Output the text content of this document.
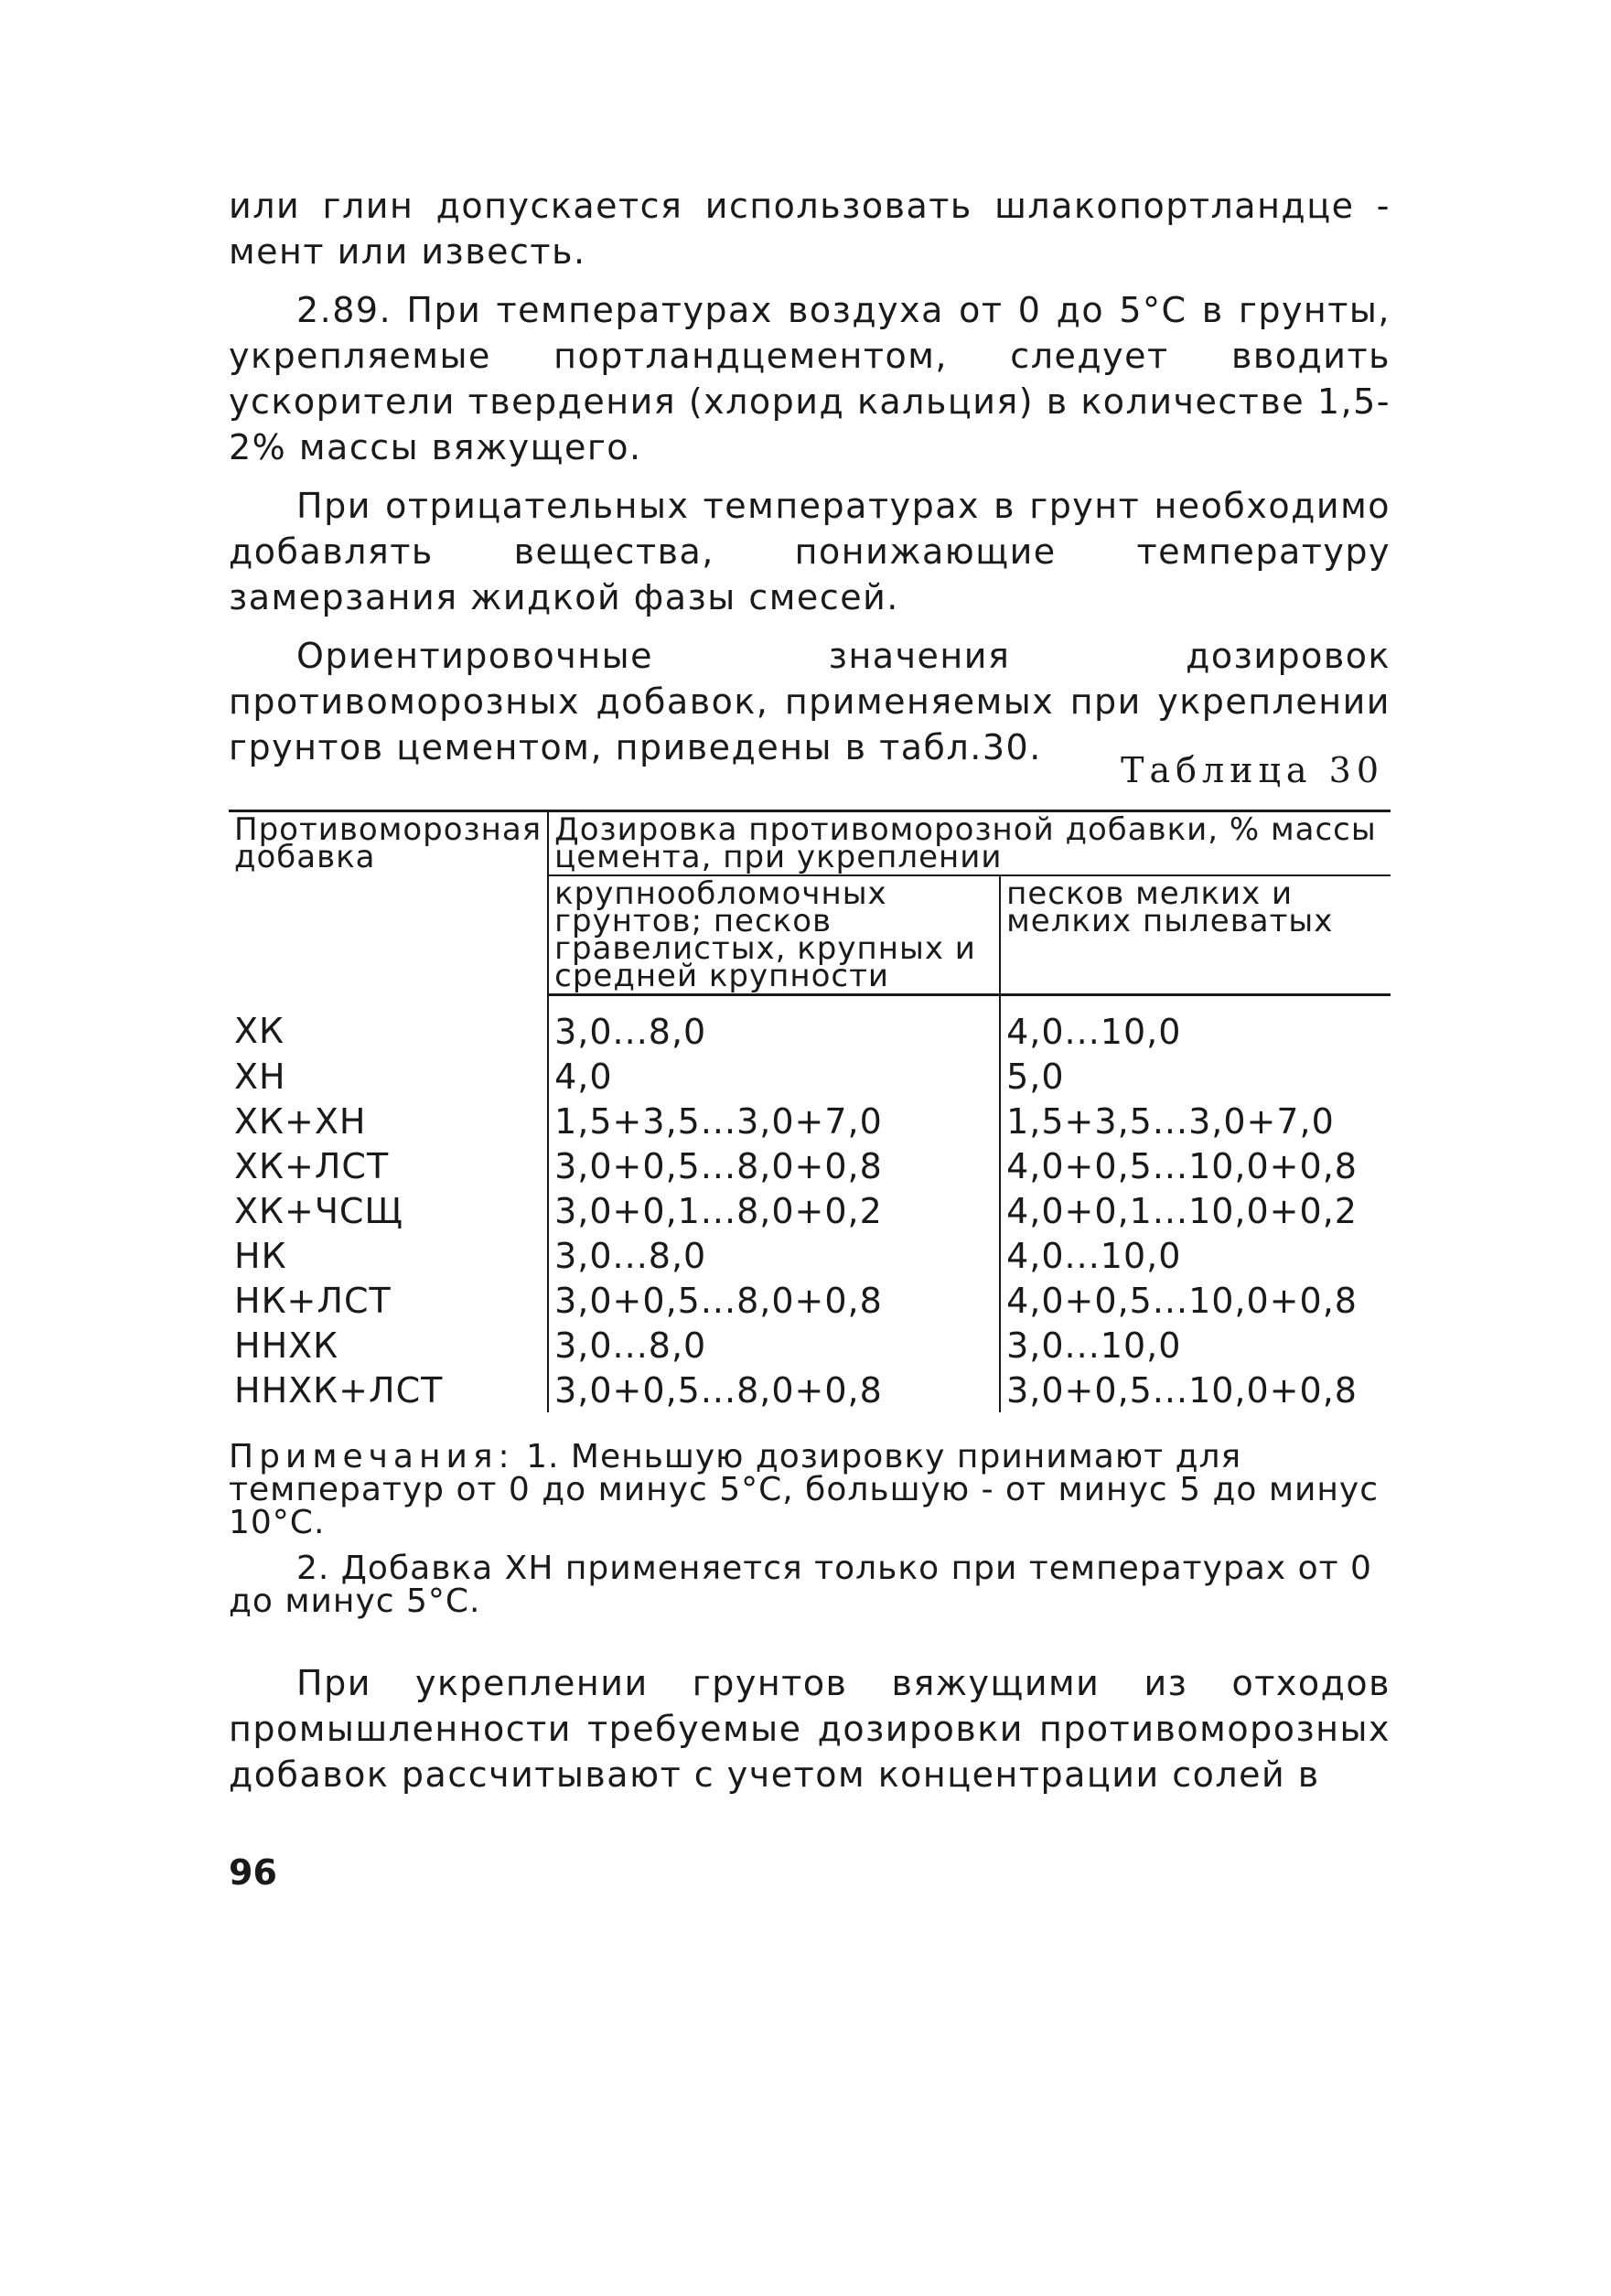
или глин допускается использовать шлакопортландце - мент или известь.

2.89. При температурах воздуха от 0 до 5°С в грунты, укрепляемые портландцементом, следует вводить ускорители твердения (хлорид кальция) в количестве 1,5-2% массы вяжущего.

При отрицательных температурах в грунт необходимо добавлять вещества, понижающие температуру замерзания жидкой фазы смесей.

Ориентировочные значения дозировок противоморозных добавок, применяемых при укреплении грунтов цементом, приведены в табл.30.

Таблица 30
Противоморозная добавка	Дозировка противоморозной добавки, % массы цемента, при укреплении	
	крупнообломочных грунтов; песков гравелистых, крупных и средней крупности	песков мелких и мелких пылеватых
ХК	3,0...8,0	4,0...10,0
ХН	4,0	5,0
ХК+ХН	1,5+3,5...3,0+7,0	1,5+3,5...3,0+7,0
ХК+ЛСТ	3,0+0,5...8,0+0,8	4,0+0,5...10,0+0,8
ХК+ЧСЩ	3,0+0,1...8,0+0,2	4,0+0,1...10,0+0,2
НК	3,0...8,0	4,0...10,0
НК+ЛСТ	3,0+0,5...8,0+0,8	4,0+0,5...10,0+0,8
ННХК	3,0...8,0	3,0...10,0
ННХК+ЛСТ	3,0+0,5...8,0+0,8	3,0+0,5...10,0+0,8

Примечания: 1. Меньшую дозировку принимают для температур от 0 до минус 5°С, большую - от минус 5 до минус 10°С.

2. Добавка ХН применяется только при температурах от 0 до минус 5°С.

При укреплении грунтов вяжущими из отходов промышленности требуемые дозировки противоморозных добавок рассчитывают с учетом концентрации солей в

96
